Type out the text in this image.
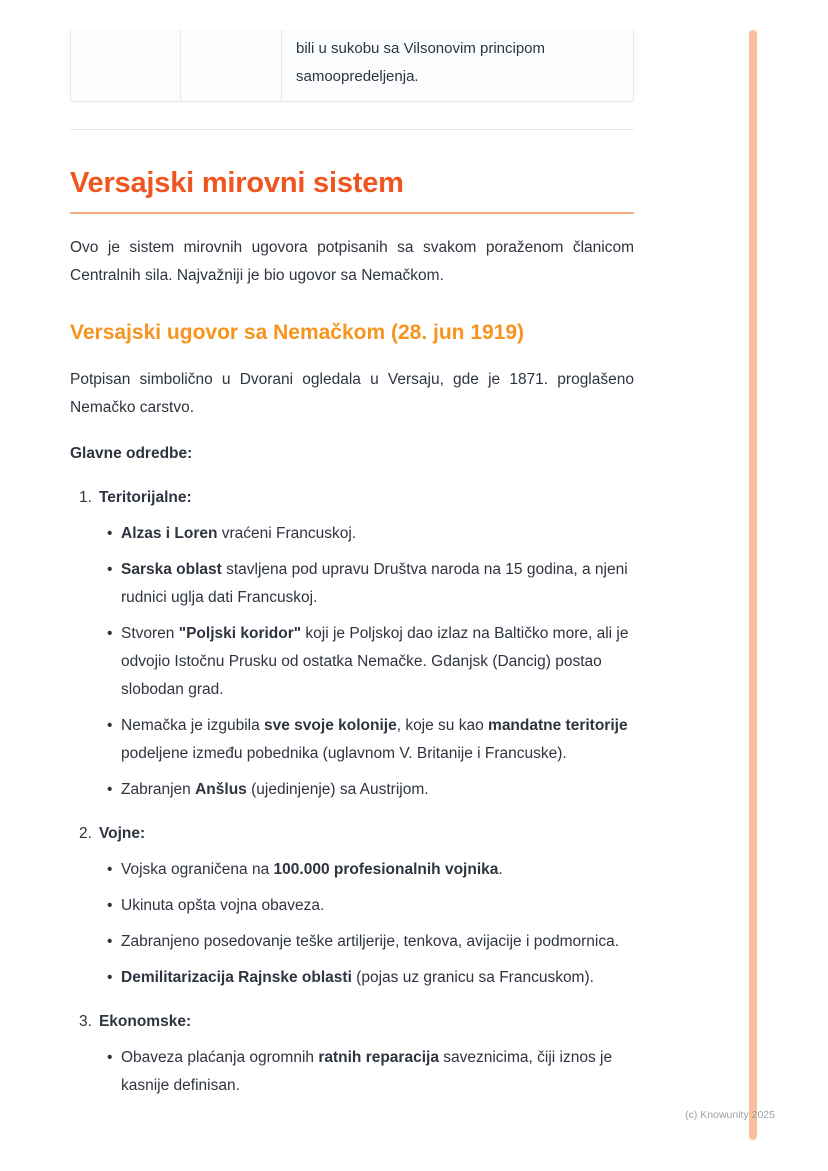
bili u sukobu sa Vilsonovim principom samoopredeljenja.
Versajski mirovni sistem

Ovo je sistem mirovnih ugovora potpisanih sa svakom poraženom članicom Centralnih sila. Najvažniji je bio ugovor sa Nemačkom.

Versajski ugovor sa Nemačkom (28. jun 1919)

Potpisan simbolično u Dvorani ogledala u Versaju, gde je 1871. proglašeno Nemačko carstvo.

Glavne odredbe:

1. Teritorijalne:
• Alzas i Loren vraćeni Francuskoj.
• Sarska oblast stavljena pod upravu Društva naroda na 15 godina, a njeni rudnici uglja dati Francuskoj.
• Stvoren "Poljski koridor" koji je Poljskoj dao izlaz na Baltičko more, ali je odvojio Istočnu Prusku od ostatka Nemačke. Gdanjsk (Dancig) postao slobodan grad.
• Nemačka je izgubila sve svoje kolonije, koje su kao mandatne teritorije podeljene između pobednika (uglavnom V. Britanije i Francuske).
• Zabranjen Anšlus (ujedinjenje) sa Austrijom.
2. Vojne:
• Vojska ograničena na 100.000 profesionalnih vojnika.
• Ukinuta opšta vojna obaveza.
• Zabranjeno posedovanje teške artiljerije, tenkova, avijacije i podmornica.
• Demilitarizacija Rajnske oblasti (pojas uz granicu sa Francuskom).
3. Ekonomske:
• Obaveza plaćanja ogromnih ratnih reparacija saveznicima, čiji iznos je kasnije definisan.
(c) Knowunity 2025
